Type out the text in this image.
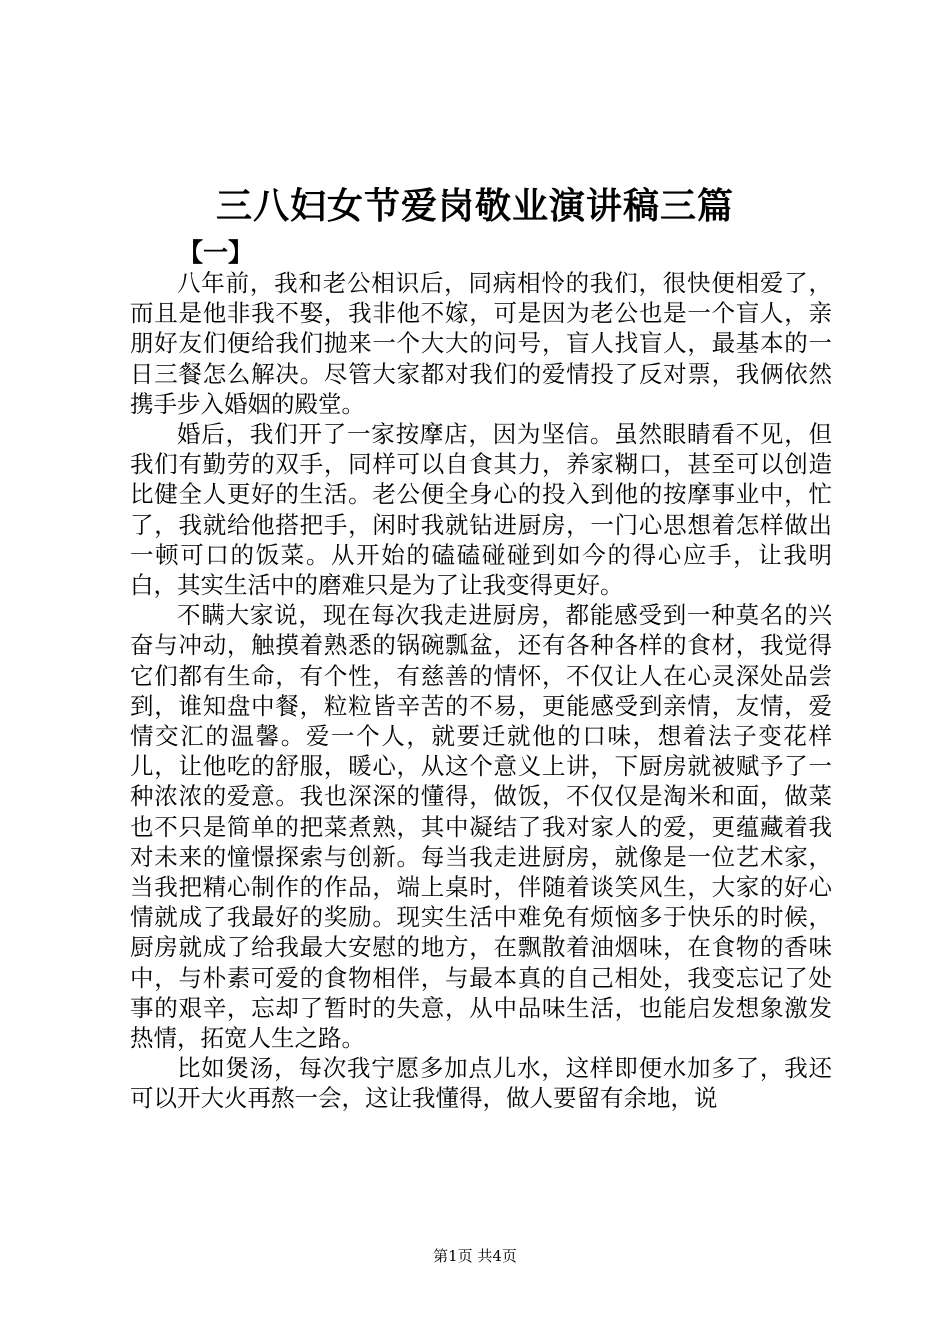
三八妇女节爱岗敬业演讲稿三篇
【一】

八年前，我和老公相识后，同病相怜的我们，很快便相爱了，而且是他非我不娶，我非他不嫁，可是因为老公也是一个盲人，亲朋好友们便给我们抛来一个大大的问号，盲人找盲人，最基本的一日三餐怎么解决。尽管大家都对我们的爱情投了反对票，我俩依然携手步入婚姻的殿堂。

婚后，我们开了一家按摩店，因为坚信。虽然眼睛看不见，但我们有勤劳的双手，同样可以自食其力，养家糊口，甚至可以创造比健全人更好的生活。老公便全身心的投入到他的按摩事业中，忙了，我就给他搭把手，闲时我就钻进厨房，一门心思想着怎样做出一顿可口的饭菜。从开始的磕磕碰碰到如今的得心应手，让我明白，其实生活中的磨难只是为了让我变得更好。

不瞒大家说，现在每次我走进厨房，都能感受到一种莫名的兴奋与冲动，触摸着熟悉的锅碗瓢盆，还有各种各样的食材，我觉得它们都有生命，有个性，有慈善的情怀，不仅让人在心灵深处品尝到，谁知盘中餐，粒粒皆辛苦的不易，更能感受到亲情，友情，爱情交汇的温馨。爱一个人，就要迁就他的口味，想着法子变花样儿，让他吃的舒服，暖心，从这个意义上讲，下厨房就被赋予了一种浓浓的爱意。我也深深的懂得，做饭，不仅仅是淘米和面，做菜也不只是简单的把菜煮熟，其中凝结了我对家人的爱，更蕴藏着我对未来的憧憬探索与创新。每当我走进厨房，就像是一位艺术家，当我把精心制作的作品，端上桌时，伴随着谈笑风生，大家的好心情就成了我最好的奖励。现实生活中难免有烦恼多于快乐的时候，厨房就成了给我最大安慰的地方，在飘散着油烟味，在食物的香味中，与朴素可爱的食物相伴，与最本真的自己相处，我变忘记了处事的艰辛，忘却了暂时的失意，从中品味生活，也能启发想象激发热情，拓宽人生之路。

比如煲汤，每次我宁愿多加点儿水，这样即便水加多了，我还可以开大火再熬一会，这让我懂得，做人要留有余地，说

第1页 共4页
